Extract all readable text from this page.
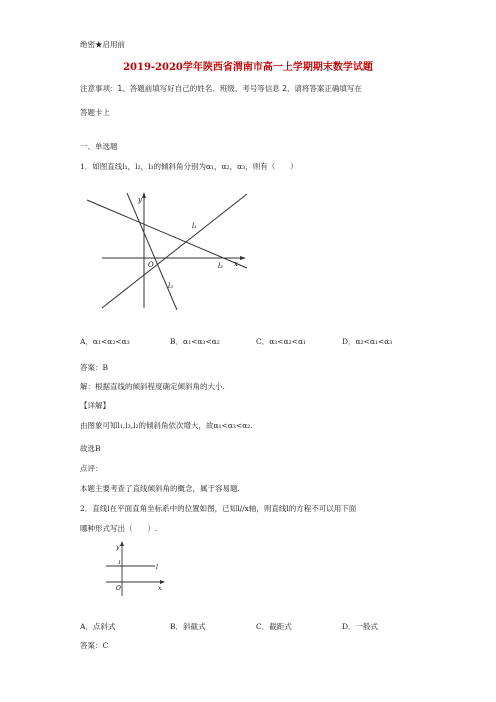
绝密★启用前
2019-2020学年陕西省渭南市高一上学期期末数学试题
注意事项：1、答题前填写好自己的姓名、班级、考号等信息 2、请将答案正确填写在
答题卡上
一、单选题
1．如图直线l₁，l₂，l₃的倾斜角分别为α₁，α₂，α₃，则有（　　）
y
x
O
l₁
l₂
l₃
A．α₁<α₂<α₃	B．α₁<α₃<α₂	C．α₃<α₂<α₁	D．α₂<α₁<α₃
答案：B
解：根据直线的倾斜程度确定倾斜角的大小.
【详解】
由图象可知l₁,l₃,l₂的倾斜角依次增大，故α₁<α₃<α₂.
故选B
点评：
本题主要考查了直线倾斜角的概念，属于容易题.
2．直线l在平面直角坐标系中的位置如图，已知l//x轴，则直线l的方程不可以用下面
哪种形式写出（　　）.
y
x
O
l
1
A．点斜式	B．斜截式	C．截距式	D．一般式
答案：C
